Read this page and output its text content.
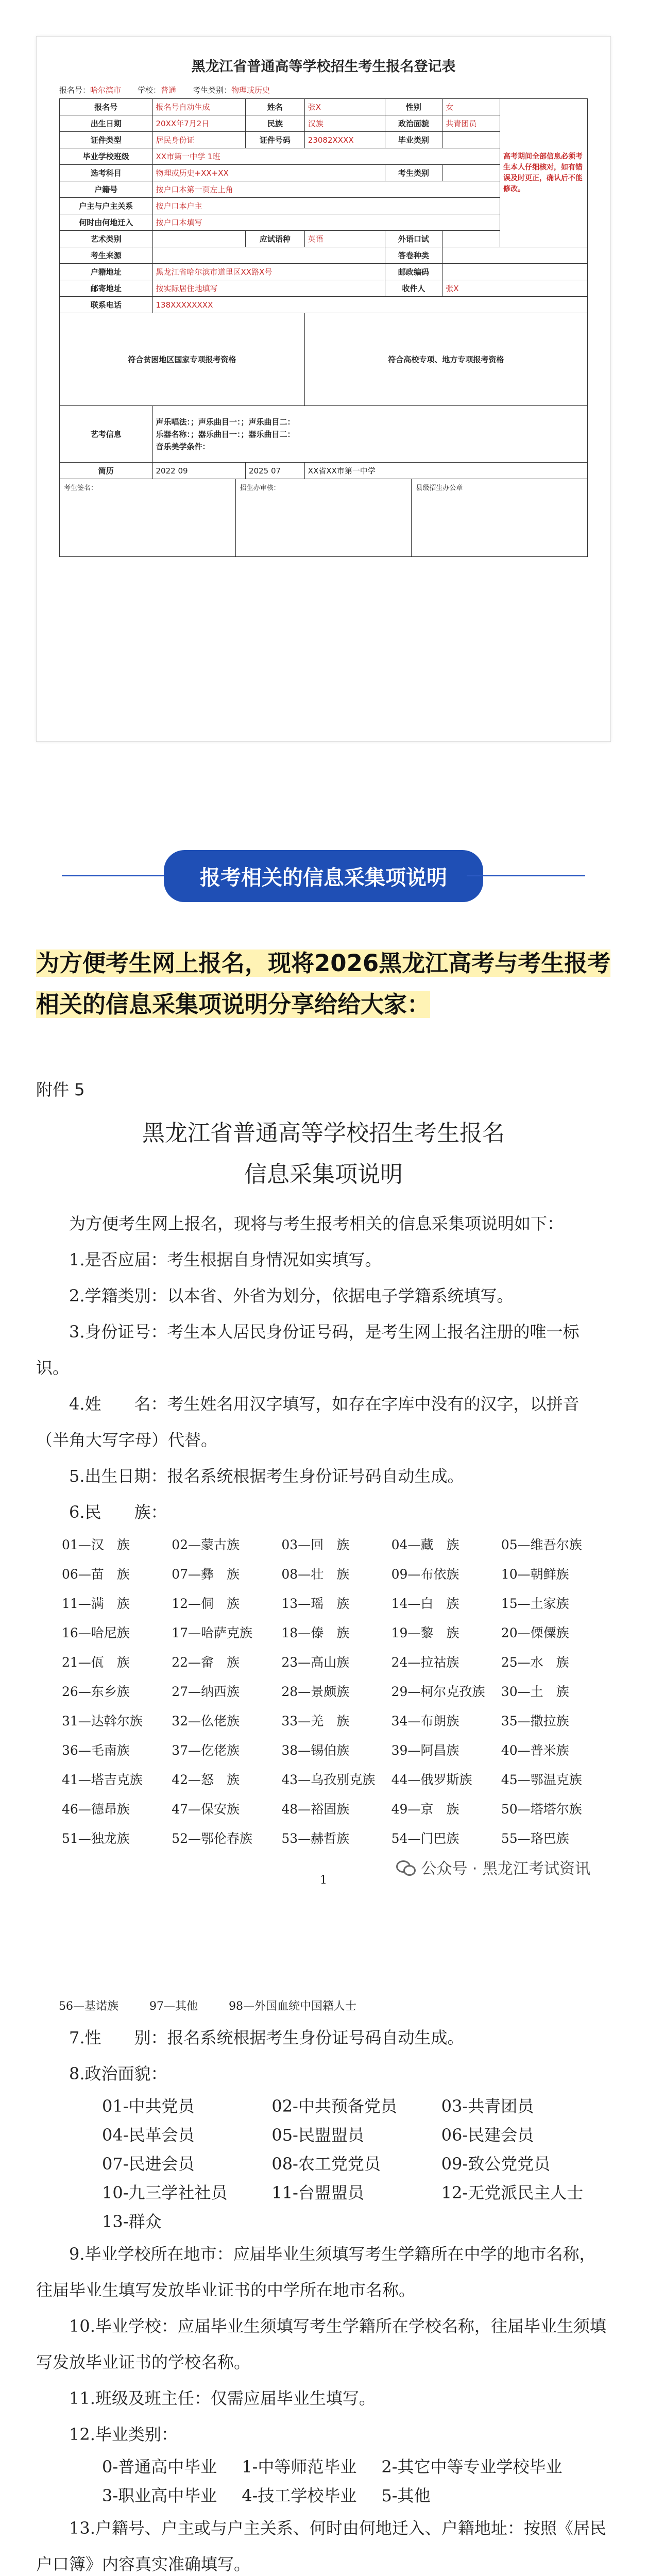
黑龙江省普通高等学校招生考生报名登记表
报名号：哈尔滨市 学校：普通 考生类别：物理或历史
报名号	报名号自动生成	姓名	张X	性别	女	高考期间全部信息必须考生本人仔细核对，如有错误及时更正，确认后不能修改。
出生日期	20XX年7月2日	民族	汉族	政治面貌	共青团员	
证件类型	居民身份证	证件号码	23082XXXX	毕业类别		
毕业学校班级	XX市第一中学 1班					
选考科目	物理或历史+XX+XX			考生类别		
户籍号	按户口本第一页左上角					
户主与户主关系	按户口本户主					
何时由何地迁入	按户口本填写					
艺术类别		应试语种	英语	外语口试		
考生来源				答卷种类		
户籍地址	黑龙江省哈尔滨市道里区XX路X号			邮政编码		
邮寄地址	按实际居住地填写			收件人	张X	
联系电话	138XXXXXXXX					
符合贫困地区国家专项报考资格			符合高校专项、地方专项报考资格			
艺考信息	声乐唱法：；声乐曲目一：；声乐曲目二：
乐器名称：；器乐曲目一：；器乐曲目二：
音乐美学条件：					

简历	2022 09	2025 07	XX省XX市第一中学			
考生签名：	招生办审核：	县级招生办公章
报考相关的信息采集项说明
为方便考生网上报名，现将2026黑龙江高考与考生报考相关的信息采集项说明分享给给大家：
附件 5
黑龙江省普通高等学校招生考生报名
信息采集项说明

为方便考生网上报名，现将与考生报考相关的信息采集项说明如下：

1.是否应届：考生根据自身情况如实填写。

2.学籍类别：以本省、外省为划分，依据电子学籍系统填写。

3.身份证号：考生本人居民身份证号码，是考生网上报名注册的唯一标识。

4.姓　　名：考生姓名用汉字填写，如存在字库中没有的汉字，以拼音（半角大写字母）代替。

5.出生日期：报名系统根据考生身份证号码自动生成。

6.民　　族：

01—汉　族	02—蒙古族	03—回　族	04—藏　族	05—维吾尔族
06—苗　族	07—彝　族	08—壮　族	09—布依族	10—朝鲜族
11—满　族	12—侗　族	13—瑶　族	14—白　族	15—土家族
16—哈尼族	17—哈萨克族	18—傣　族	19—黎　族	20—傈僳族
21—佤　族	22—畲　族	23—高山族	24—拉祜族	25—水　族
26—东乡族	27—纳西族	28—景颇族	29—柯尔克孜族	30—土　族
31—达斡尔族	32—仫佬族	33—羌　族	34—布朗族	35—撒拉族
36—毛南族	37—仡佬族	38—锡伯族	39—阿昌族	40—普米族
41—塔吉克族	42—怒　族	43—乌孜别克族	44—俄罗斯族	45—鄂温克族
46—德昂族	47—保安族	48—裕固族	49—京　族	50—塔塔尔族
51—独龙族	52—鄂伦春族	53—赫哲族	54—门巴族	55—珞巴族
1
公众号 · 黑龙江考试资讯
56—基诺族	97—其他	98—外国血统中国籍人士

7.性　　别：报名系统根据考生身份证号码自动生成。

8.政治面貌：

01-中共党员	02-中共预备党员	03-共青团员
04-民革会员	05-民盟盟员	06-民建会员
07-民进会员	08-农工党党员	09-致公党党员
10-九三学社社员	11-台盟盟员	12-无党派民主人士
13-群众

9.毕业学校所在地市：应届毕业生须填写考生学籍所在中学的地市名称，往届毕业生填写发放毕业证书的中学所在地市名称。

10.毕业学校：应届毕业生须填写考生学籍所在学校名称，往届毕业生须填写发放毕业证书的学校名称。

11.班级及班主任：仅需应届毕业生填写。

12.毕业类别：

0-普通高中毕业 1-中等师范毕业 2-其它中等专业学校毕业
3-职业高中毕业 4-技工学校毕业 5-其他

13.户籍号、户主或与户主关系、何时由何地迁入、户籍地址：按照《居民户口簿》内容真实准确填写。
